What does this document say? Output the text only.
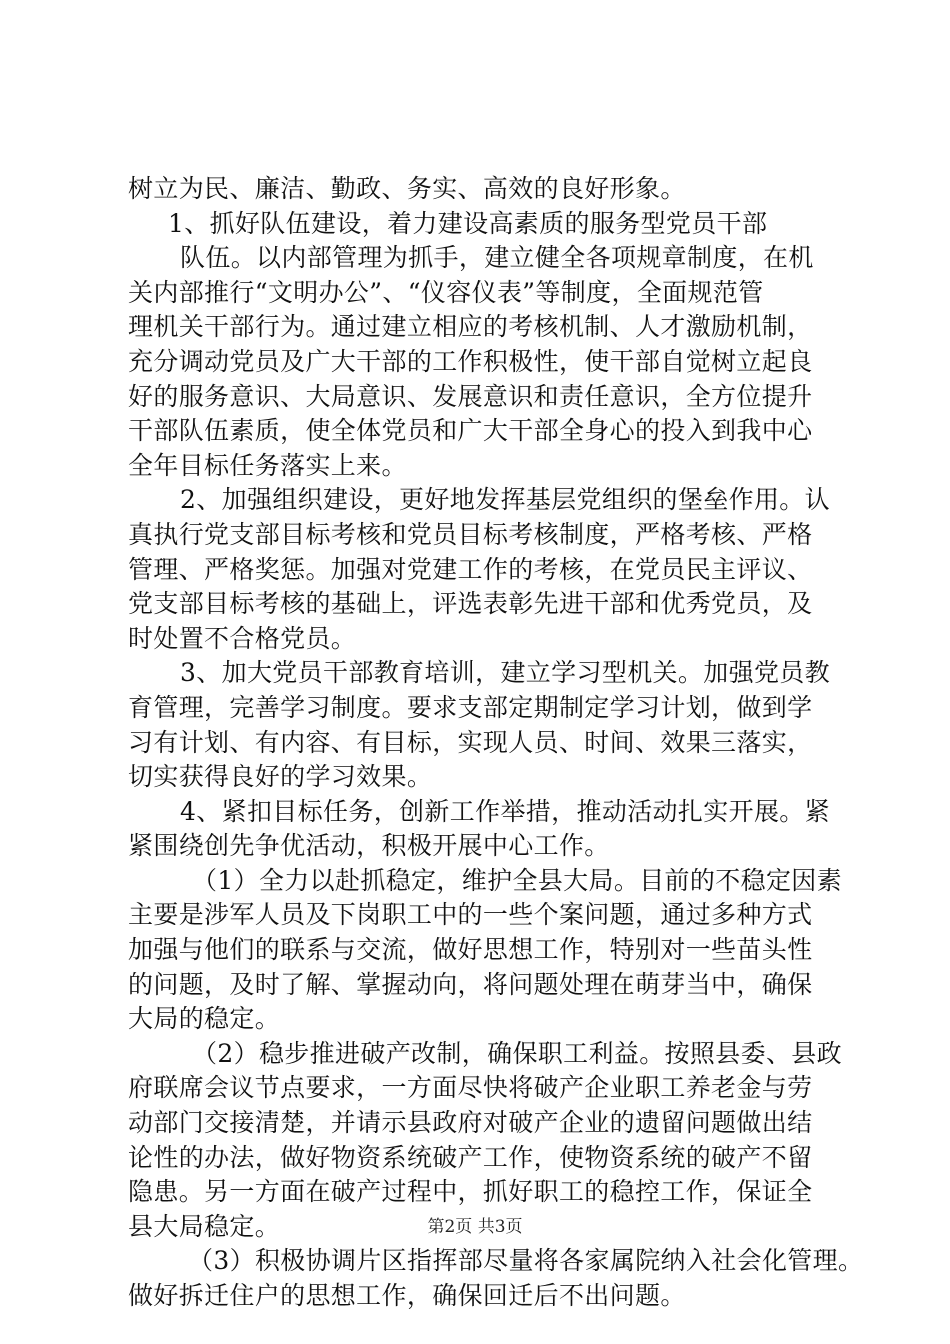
树立为民、廉洁、勤政、务实、高效的良好形象。
1、抓好队伍建设，着力建设高素质的服务型党员干部
队伍。以内部管理为抓手，建立健全各项规章制度，在机
关内部推行“文明办公”、“仪容仪表”等制度，全面规范管
理机关干部行为。通过建立相应的考核机制、人才激励机制，
充分调动党员及广大干部的工作积极性，使干部自觉树立起良
好的服务意识、大局意识、发展意识和责任意识，全方位提升
干部队伍素质，使全体党员和广大干部全身心的投入到我中心
全年目标任务落实上来。
2、加强组织建设，更好地发挥基层党组织的堡垒作用。认
真执行党支部目标考核和党员目标考核制度，严格考核、严格
管理、严格奖惩。加强对党建工作的考核，在党员民主评议、
党支部目标考核的基础上，评选表彰先进干部和优秀党员，及
时处置不合格党员。
3、加大党员干部教育培训，建立学习型机关。加强党员教
育管理，完善学习制度。要求支部定期制定学习计划，做到学
习有计划、有内容、有目标，实现人员、时间、效果三落实，
切实获得良好的学习效果。
4、紧扣目标任务，创新工作举措，推动活动扎实开展。紧
紧围绕创先争优活动，积极开展中心工作。
（1）全力以赴抓稳定，维护全县大局。目前的不稳定因素
主要是涉军人员及下岗职工中的一些个案问题，通过多种方式
加强与他们的联系与交流，做好思想工作，特别对一些苗头性
的问题，及时了解、掌握动向，将问题处理在萌芽当中，确保
大局的稳定。
（2）稳步推进破产改制，确保职工利益。按照县委、县政
府联席会议节点要求，一方面尽快将破产企业职工养老金与劳
动部门交接清楚，并请示县政府对破产企业的遗留问题做出结
论性的办法，做好物资系统破产工作，使物资系统的破产不留
隐患。另一方面在破产过程中，抓好职工的稳控工作，保证全
县大局稳定。
（3）积极协调片区指挥部尽量将各家属院纳入社会化管理。
做好拆迁住户的思想工作，确保回迁后不出问题。
第2页 共3页
